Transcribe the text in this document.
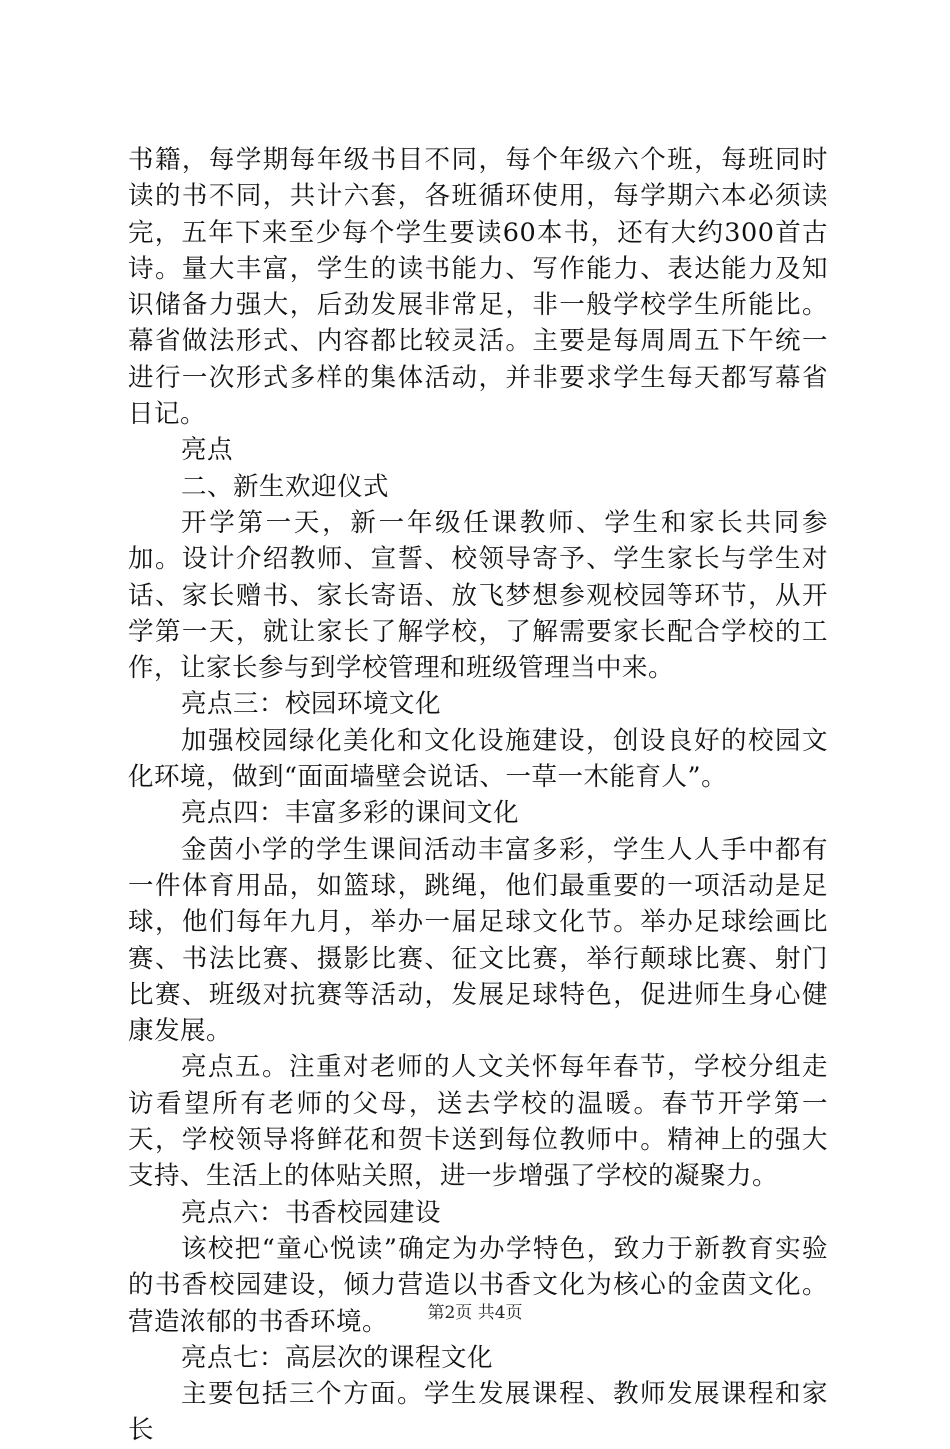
书籍，每学期每年级书目不同，每个年级六个班，每班同时读的书不同，共计六套，各班循环使用，每学期六本必须读完，五年下来至少每个学生要读60本书，还有大约300首古诗。量大丰富，学生的读书能力、写作能力、表达能力及知识储备力强大，后劲发展非常足，非一般学校学生所能比。幕省做法形式、内容都比较灵活。主要是每周周五下午统一进行一次形式多样的集体活动，并非要求学生每天都写幕省日记。

亮点

二、新生欢迎仪式

开学第一天，新一年级任课教师、学生和家长共同参加。设计介绍教师、宣誓、校领导寄予、学生家长与学生对话、家长赠书、家长寄语、放飞梦想参观校园等环节，从开学第一天，就让家长了解学校，了解需要家长配合学校的工作，让家长参与到学校管理和班级管理当中来。

亮点三：校园环境文化

加强校园绿化美化和文化设施建设，创设良好的校园文化环境，做到“面面墙壁会说话、一草一木能育人”。

亮点四：丰富多彩的课间文化

金茵小学的学生课间活动丰富多彩，学生人人手中都有一件体育用品，如篮球，跳绳，他们最重要的一项活动是足球，他们每年九月，举办一届足球文化节。举办足球绘画比赛、书法比赛、摄影比赛、征文比赛，举行颠球比赛、射门比赛、班级对抗赛等活动，发展足球特色，促进师生身心健康发展。

亮点五。注重对老师的人文关怀每年春节，学校分组走访看望所有老师的父母，送去学校的温暖。春节开学第一天，学校领导将鲜花和贺卡送到每位教师中。精神上的强大支持、生活上的体贴关照，进一步增强了学校的凝聚力。

亮点六：书香校园建设

该校把“童心悦读”确定为办学特色，致力于新教育实验的书香校园建设，倾力营造以书香文化为核心的金茵文化。营造浓郁的书香环境。

亮点七：高层次的课程文化

主要包括三个方面。学生发展课程、教师发展课程和家长

第2页 共4页
